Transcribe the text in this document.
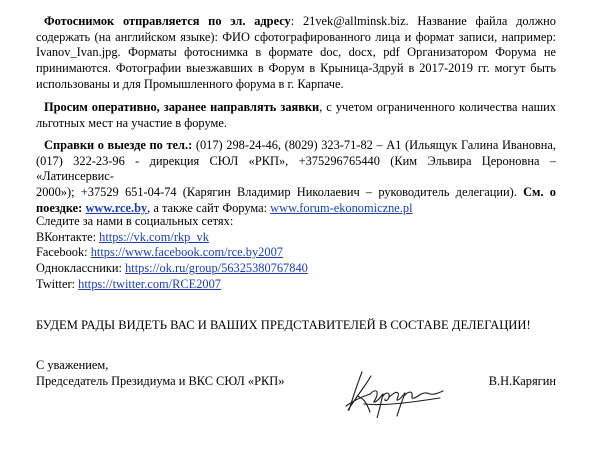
Фотоснимок отправляется по эл. адресу: 21vek@allminsk.biz. Название файла должно
содержать (на английском языке): ФИО сфотографированного лица и формат записи, например:
Ivanov_Ivan.jpg. Форматы фотоснимка в формате doc, docx, pdf Организатором Форума не
принимаются. Фотографии выезжавших в Форум в Крыница-Здруй в 2017-2019 гг. могут быть
использованы и для Промышленного форума в г. Карпаче.
Просим оперативно, заранее направлять заявки, с учетом ограниченного количества наших
льготных мест на участие в форуме.
Справки о выезде по тел.: (017) 298-24-46, (8029) 323-71-82 – А1 (Ильящук Галина Ивановна,
(017) 322-23-96 - дирекция СЮЛ «РКП», +375296765440 (Ким Эльвира Цероновна – «Латинсервис-
2000»); +37529 651-04-74 (Карягин Владимир Николаевич – руководитель делегации). См. о
поездке: www.rce.by, а также сайт Форума: www.forum-ekonomiczne.pl
Следите за нами в социальных сетях:
ВКонтакте: https://vk.com/rkp_vk
Facebook: https://www.facebook.com/rce.by2007
Одноклассники: https://ok.ru/group/56325380767840
Twitter: https://twitter.com/RCE2007
БУДЕМ РАДЫ ВИДЕТЬ ВАС И ВАШИХ ПРЕДСТАВИТЕЛЕЙ В СОСТАВЕ ДЕЛЕГАЦИИ!
С уважением,
Председатель Президиума и ВКС СЮЛ «РКП»	В.Н.Карягин
